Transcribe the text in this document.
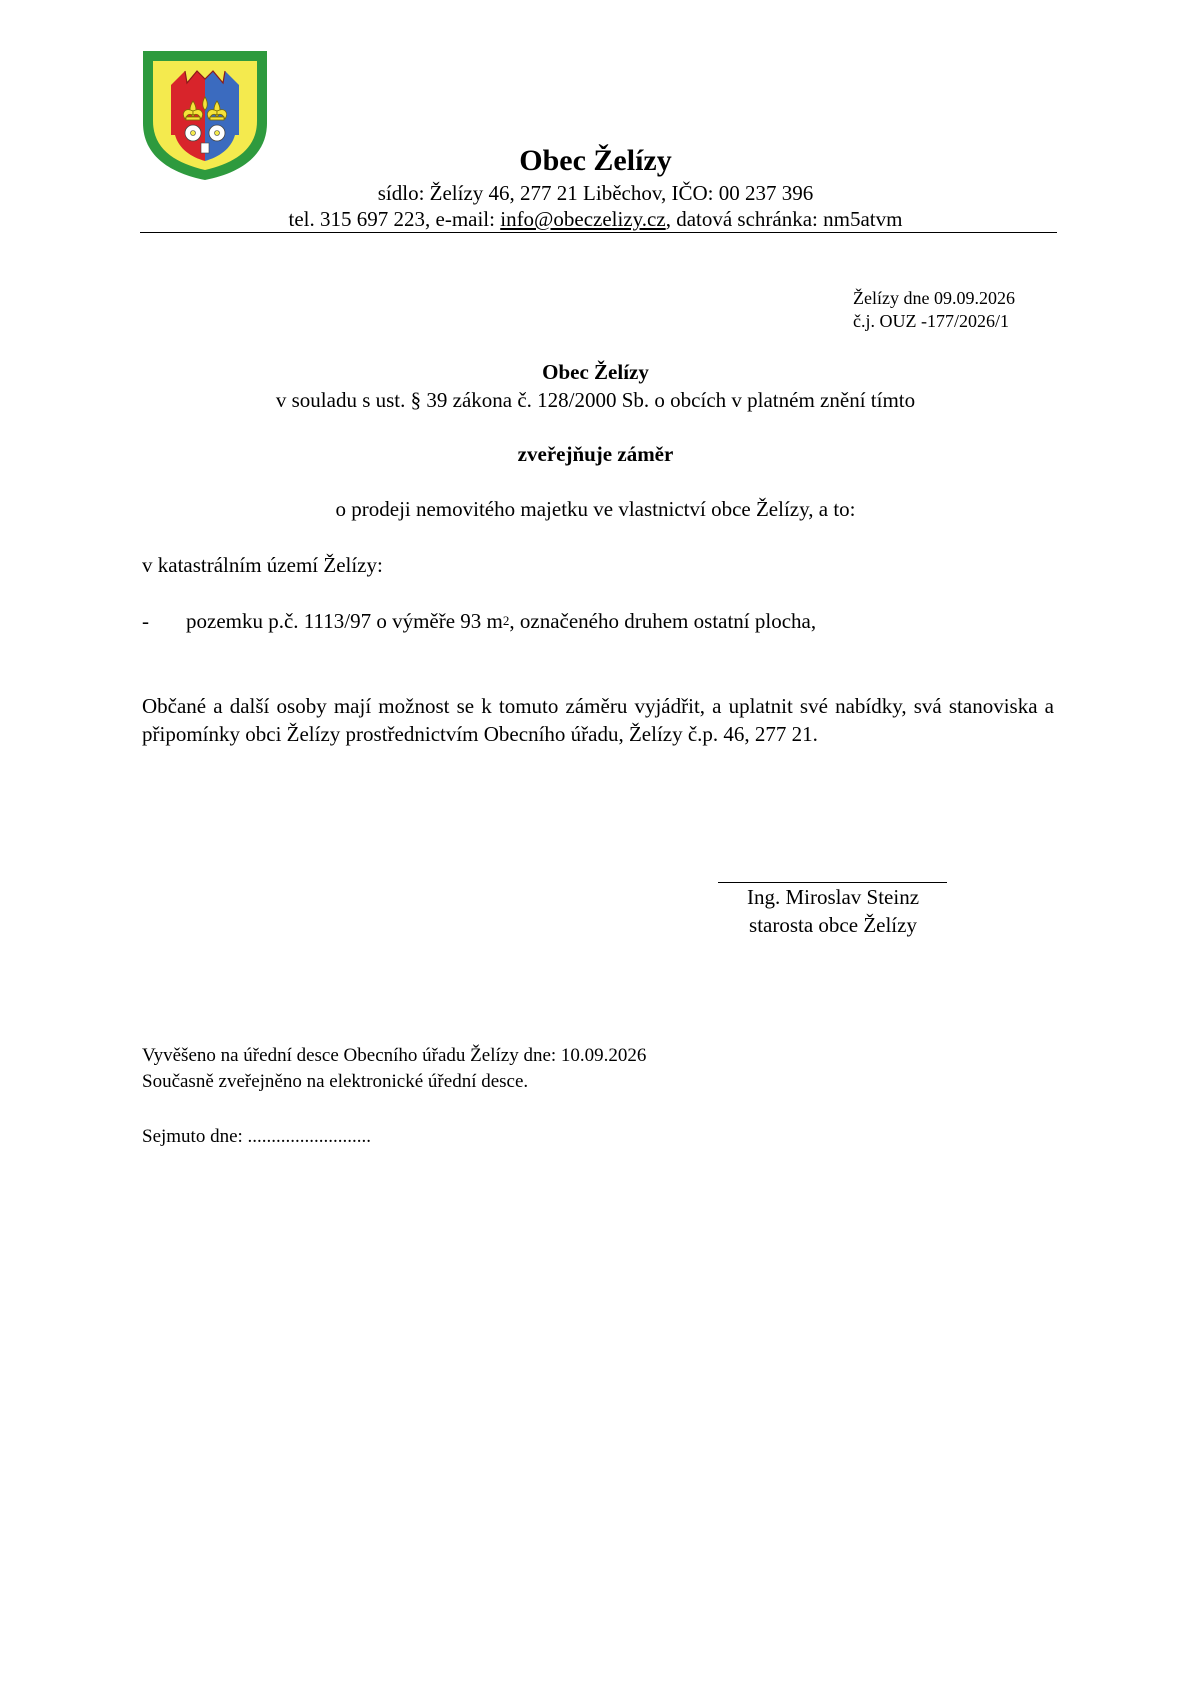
Obec Želízy
sídlo: Želízy 46, 277 21 Liběchov, IČO: 00 237 396
tel. 315 697 223, e-mail: info@obeczelizy.cz, datová schránka: nm5atvm
Želízy dne 09.09.2026
č.j. OUZ -177/2026/1
Obec Želízy
v souladu s ust. § 39 zákona č. 128/2000 Sb. o obcích v platném znění tímto
zveřejňuje záměr
o prodeji nemovitého majetku ve vlastnictví obce Želízy, a to:
v katastrálním území Želízy:
- pozemku p.č. 1113/97 o výměře 93 $m^2$, označeného druhem ostatní plocha,
Občané a další osoby mají možnost se k tomuto záměru vyjádřit, a uplatnit své nabídky, svá stanoviska a připomínky obci Želízy prostřednictvím Obecního úřadu, Želízy č.p. 46, 277 21.
Ing. Miroslav Steinz
starosta obce Želízy
Vyvěšeno na úřední desce Obecního úřadu Želízy dne: 10.09.2026
Současně zveřejněno na elektronické úřední desce.
Sejmuto dne: ..........................
